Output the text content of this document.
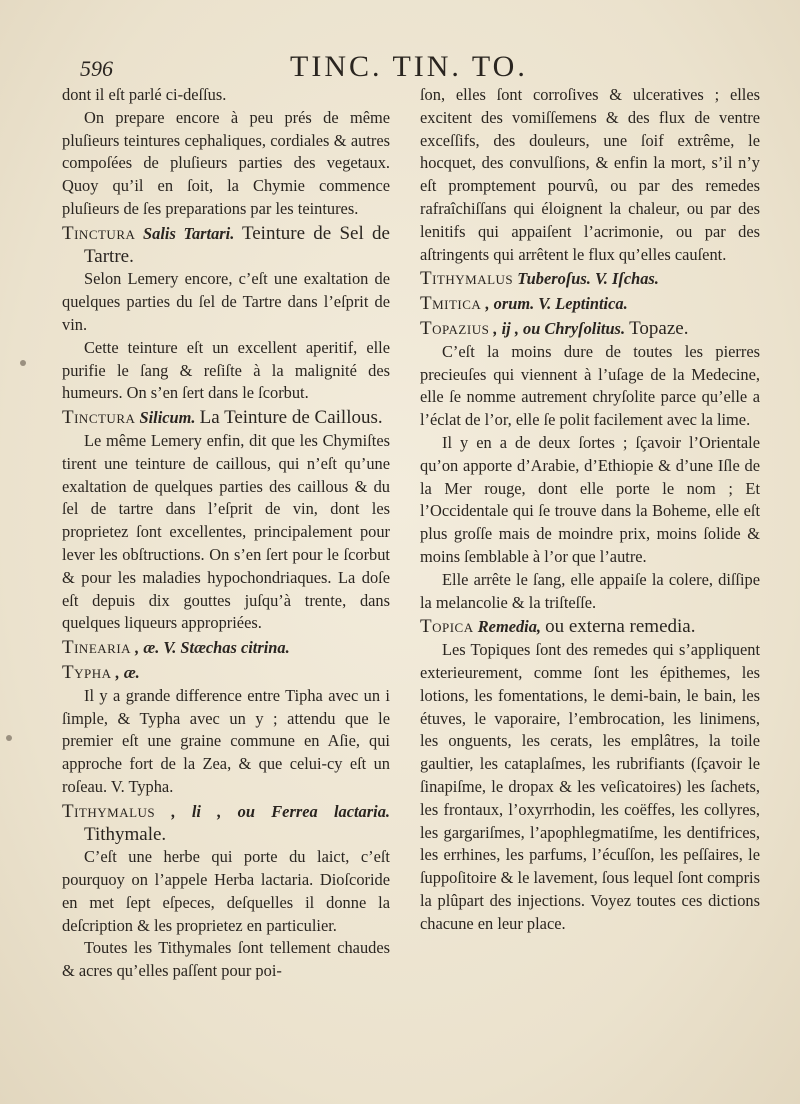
596	TINC. TIN. TO.

dont il eſt parlé ci-deſſus.

On prepare encore à peu prés de même pluſieurs teintures cephaliques, cordiales & autres compoſées de pluſieurs parties des vegetaux. Quoy qu’il en ſoit, la Chymie commence pluſieurs de ſes preparations par les teintures.

Tinctura Salis Tartari. Teinture de Sel de Tartre.

Selon Lemery encore, c’eſt une exaltation de quelques parties du ſel de Tartre dans l’eſprit de vin.

Cette teinture eſt un excellent aperitif, elle purifie le ſang & reſiſte à la malignité des humeurs. On s’en ſert dans le ſcorbut.

Tinctura Silicum. La Teinture de Caillous.

Le même Lemery enfin, dit que les Chymiſtes tirent une teinture de caillous, qui n’eſt qu’une exaltation de quelques parties des caillous & du ſel de tartre dans l’eſprit de vin, dont les proprietez ſont excellentes, principalement pour lever les obſtructions. On s’en ſert pour le ſcorbut & pour les maladies hypochondriaques. La doſe eſt depuis dix gouttes juſqu’à trente, dans quelques liqueurs appropriées.

Tinearia , æ. V. Stæchas citrina.

Typha , æ.

Il y a grande difference entre Tipha avec un i ſimple, & Typha avec un y ; attendu que le premier eſt une graine commune en Aſie, qui approche fort de la Zea, & que celui-cy eſt un roſeau. V. Typha.

Tithymalus , li , ou Ferrea lactaria. Tithymale.

C’eſt une herbe qui porte du laict, c’eſt pourquoy on l’appele Herba lactaria. Dioſcoride en met ſept eſpeces, deſquelles il donne la deſcription & les proprietez en particulier.

Toutes les Tithymales ſont tellement chaudes & acres qu’elles paſſent pour poi-

ſon, elles ſont corroſives & ulceratives ; elles excitent des vomiſſemens & des flux de ventre exceſſifs, des douleurs, une ſoif extrême, le hocquet, des convulſions, & enfin la mort, s’il n’y eſt promptement pourvû, ou par des remedes rafraîchiſſans qui éloignent la chaleur, ou par des lenitifs qui appaiſent l’acrimonie, ou par des aſtringents qui arrêtent le flux qu’elles cauſent.

Tithymalus Tuberoſus. V. Iſchas.

Tmitica , orum. V. Leptintica.

Topazius , ij , ou Chryſolitus. Topaze.

C’eſt la moins dure de toutes les pierres precieuſes qui viennent à l’uſage de la Medecine, elle ſe nomme autrement chryſolite parce qu’elle a l’éclat de l’or, elle ſe polit facilement avec la lime.

Il y en a de deux ſortes ; ſçavoir l’Orientale qu’on apporte d’Arabie, d’Ethiopie & d’une Iſle de la Mer rouge, dont elle porte le nom ; Et l’Occidentale qui ſe trouve dans la Boheme, elle eſt plus groſſe mais de moindre prix, moins ſolide & moins ſemblable à l’or que l’autre.

Elle arrête le ſang, elle appaiſe la colere, diſſipe la melancolie & la triſteſſe.

Topica Remedia, ou externa remedia.

Les Topiques ſont des remedes qui s’appliquent exterieurement, comme ſont les épithemes, les lotions, les fomentations, le demi-bain, le bain, les étuves, le vaporaire, l’embrocation, les linimens, les onguents, les cerats, les emplâtres, la toile gaultier, les cataplaſmes, les rubrifiants (ſçavoir le ſinapiſme, le dropax & les veſicatoires) les ſachets, les frontaux, l’oxyrrhodin, les coëffes, les collyres, les gargariſmes, l’apophlegmatiſme, les dentifrices, les errhines, les parfums, l’écuſſon, les peſſaires, le ſuppoſitoire & le lavement, ſous lequel ſont compris la plûpart des injections. Voyez toutes ces dictions chacune en leur place.
